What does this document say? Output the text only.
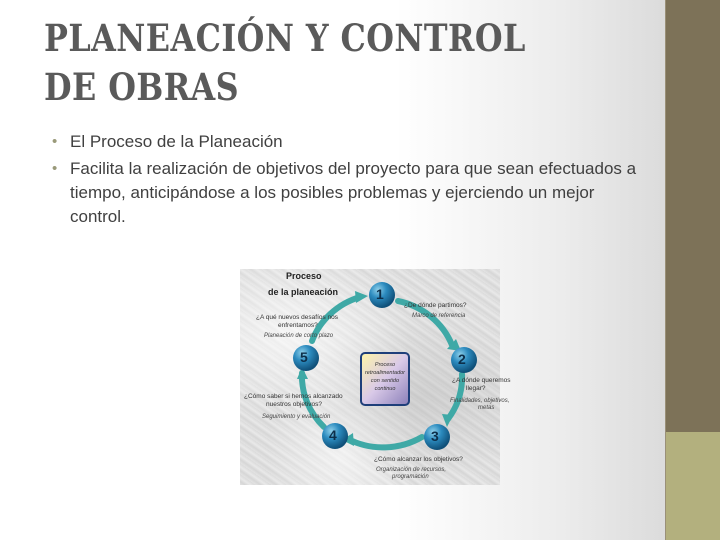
PLANEACIÓN Y CONTROL DE OBRAS
• El Proceso de la Planeación
• Facilita la realización de objetivos del proyecto para que sean efectuados a tiempo, anticipándose a los posibles problemas y ejerciendo un mejor control.
1
2
3
4
5
Proceso
de la planeación
¿De dónde partimos?
Marco de referencia
¿A dónde queremos
llegar?
Finalidades, objetivos,
metas
¿Cómo alcanzar los objetivos?
Organización de recursos,
programación
¿Cómo saber si hemos alcanzado
nuestros objetivos?
Seguimiento y evaluación
¿A qué nuevos desafíos nos
enfrentamos?
Planeación de corto plazo
Proceso retroalimentador con sentido continuo
